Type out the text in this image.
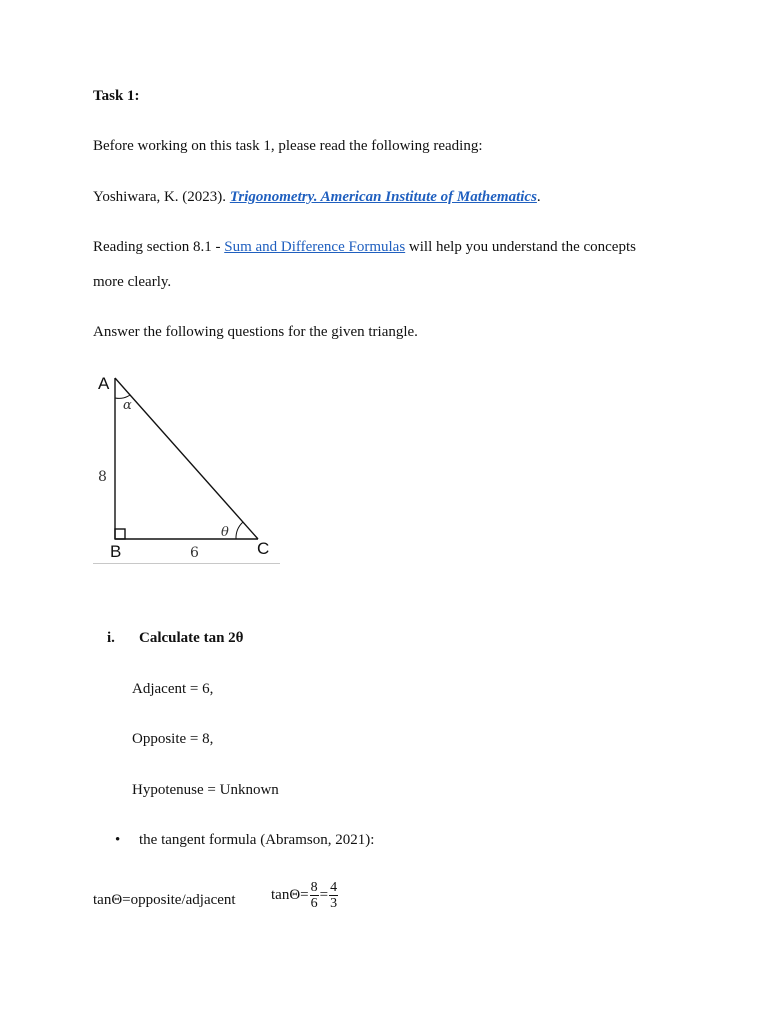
Task 1:
Before working on this task 1, please read the following reading:
Yoshiwara, K. (2023). Trigonometry. American Institute of Mathematics.
Reading section 8.1 - Sum and Difference Formulas will help you understand the concepts
more clearly.
Answer the following questions for the given triangle.
A
B	C
8
6
α
θ
i. Calculate tan 2θ
Adjacent = 6,
Opposite = 8,
Hypotenuse = Unknown
• the tangent formula (Abramson, 2021):
tanΘ=opposite/adjacent $\tan\Theta= \frac{8}{6} = \frac{4}{3}$
